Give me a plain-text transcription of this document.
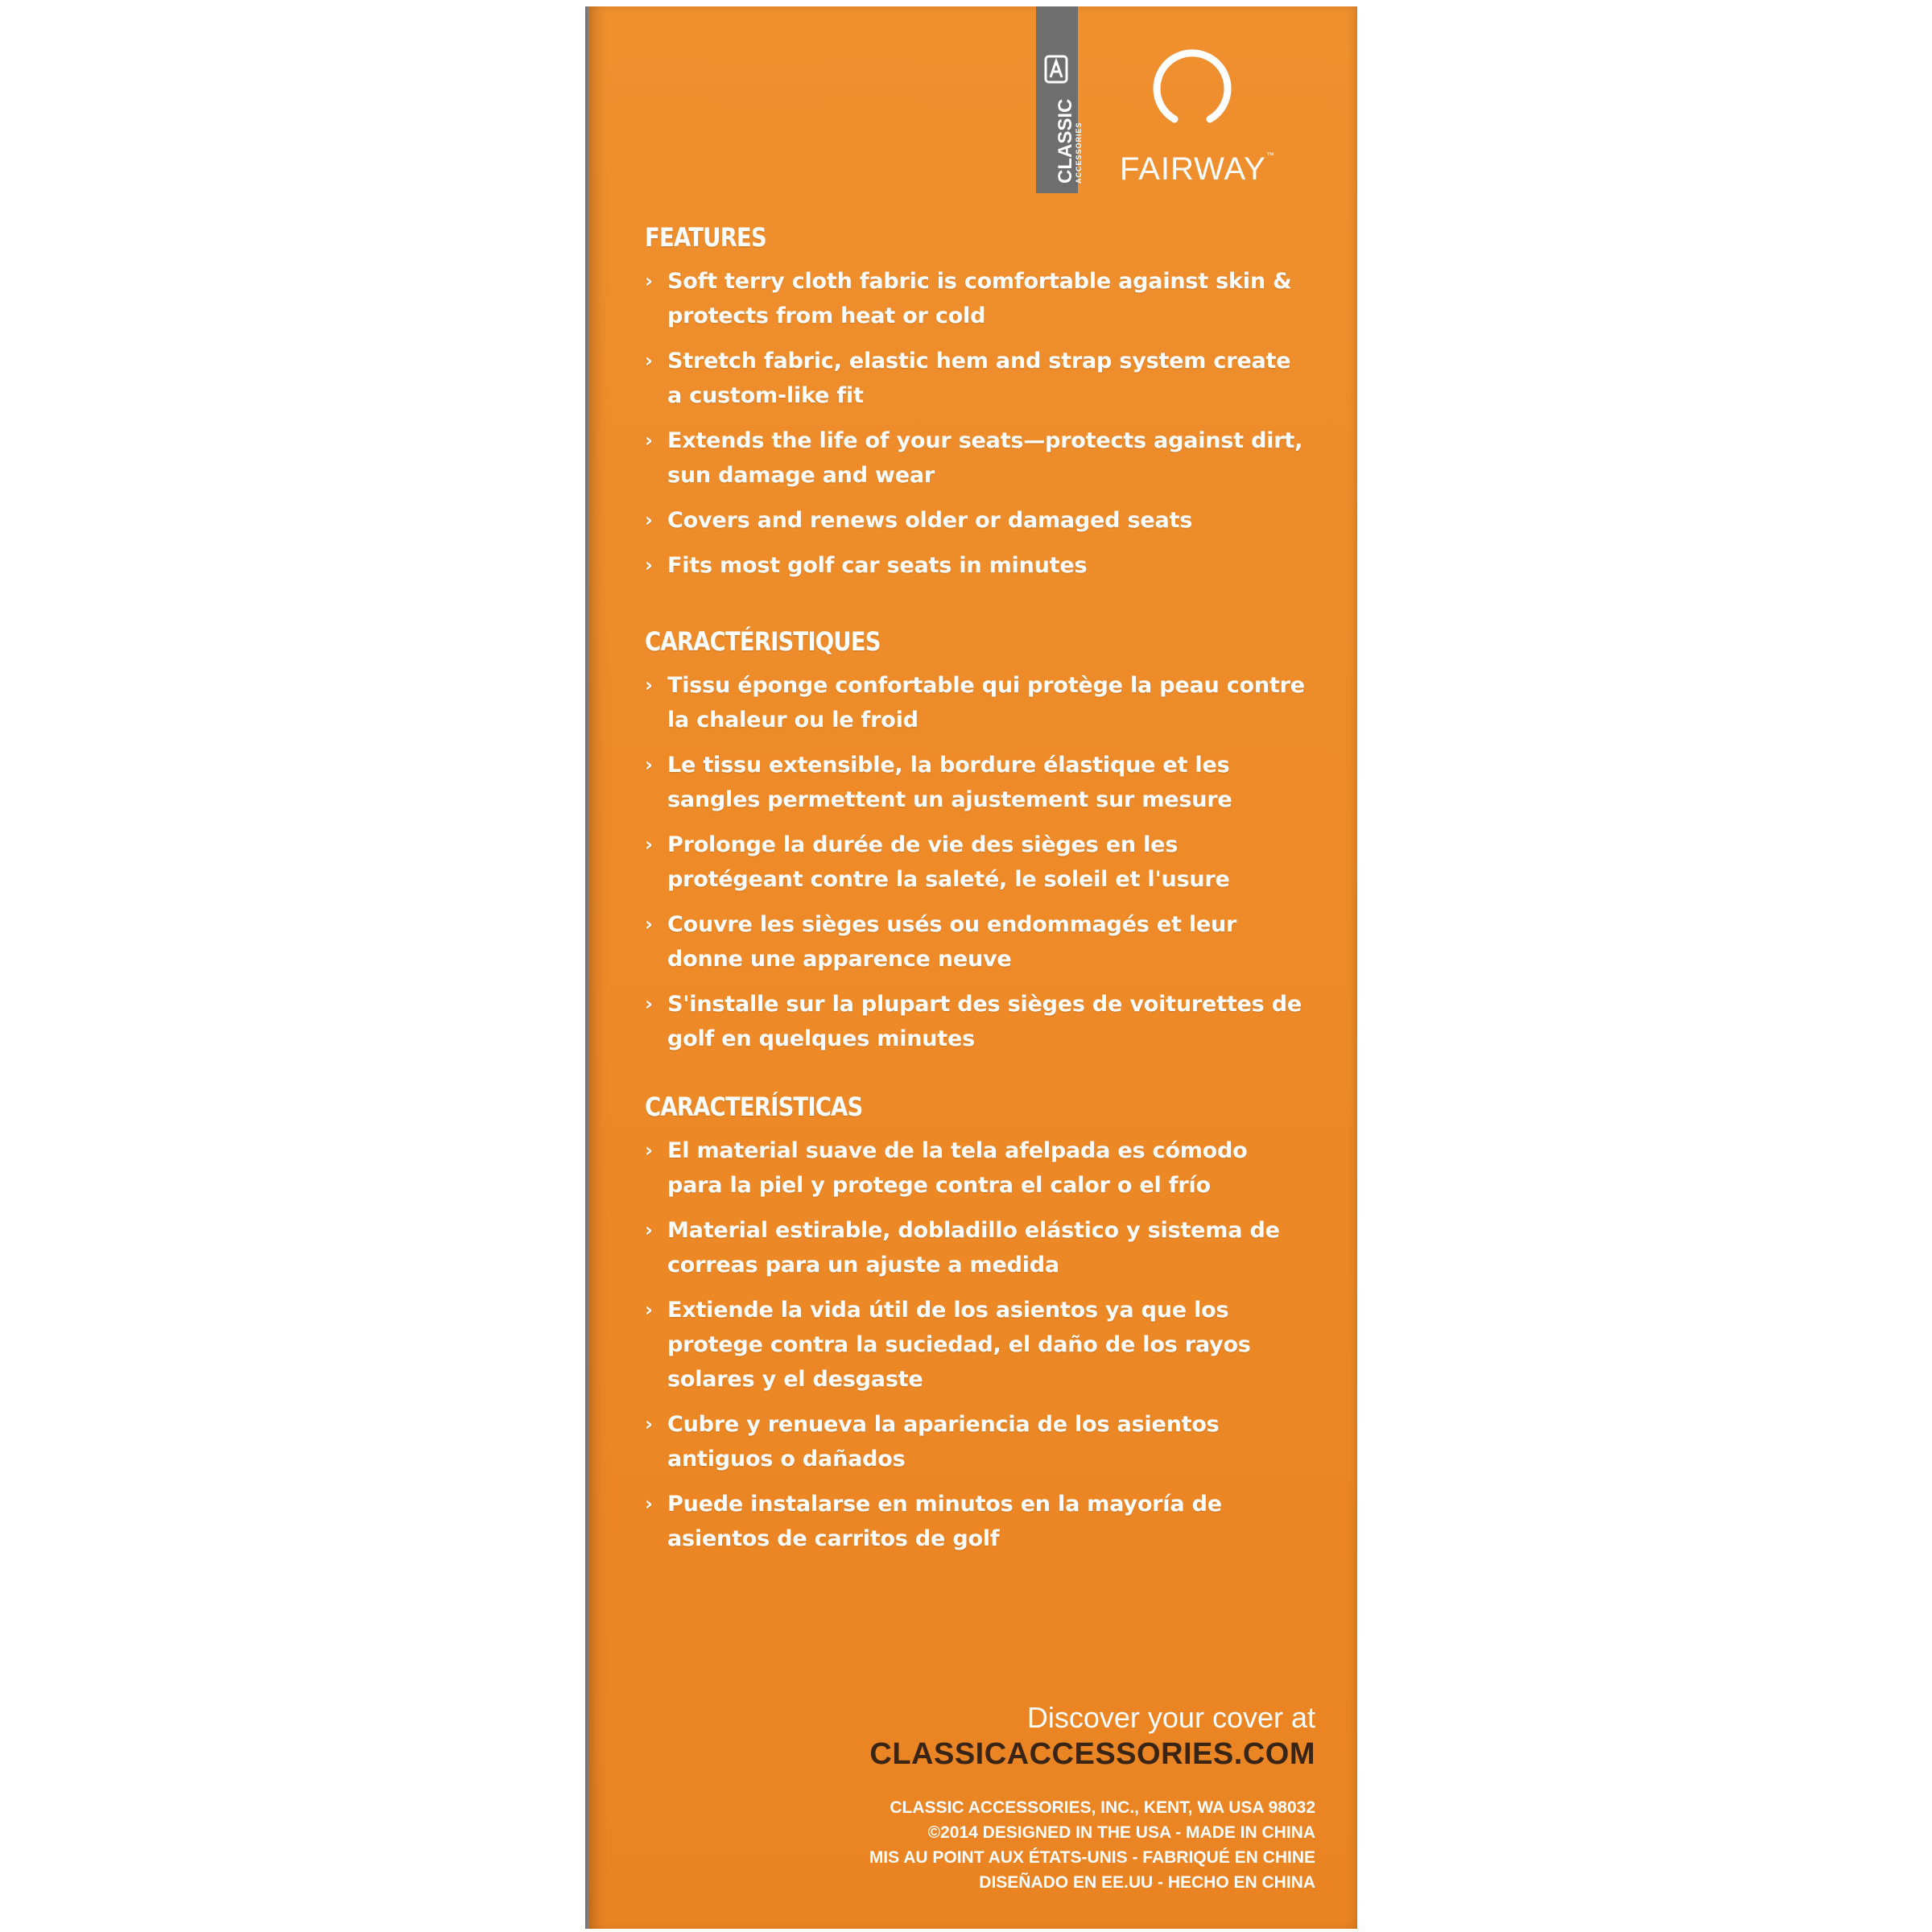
CLASSIC
ACCESSORIES FAIRWAY™
FEATURES
› Soft terry cloth fabric is comfortable against skin & protects from heat or cold
› Stretch fabric, elastic hem and strap system create a custom-like fit
› Extends the life of your seats—protects against dirt, sun damage and wear
› Covers and renews older or damaged seats
› Fits most golf car seats in minutes
CARACTÉRISTIQUES
› Tissu éponge confortable qui protège la peau contre la chaleur ou le froid
› Le tissu extensible, la bordure élastique et les sangles permettent un ajustement sur mesure
› Prolonge la durée de vie des sièges en les protégeant contre la saleté, le soleil et l'usure
› Couvre les sièges usés ou endommagés et leur donne une apparence neuve
› S'installe sur la plupart des sièges de voiturettes de golf en quelques minutes
CARACTERÍSTICAS
› El material suave de la tela afelpada es cómodo para la piel y protege contra el calor o el frío
› Material estirable, dobladillo elástico y sistema de correas para un ajuste a medida
› Extiende la vida útil de los asientos ya que los protege contra la suciedad, el daño de los rayos solares y el desgaste
› Cubre y renueva la apariencia de los asientos antiguos o dañados
› Puede instalarse en minutos en la mayoría de asientos de carritos de golf
Discover your cover at
CLASSICACCESSORIES.COM
CLASSIC ACCESSORIES, INC., KENT, WA USA 98032
©2014 DESIGNED IN THE USA - MADE IN CHINA
MIS AU POINT AUX ÉTATS-UNIS - FABRIQUÉ EN CHINE
DISEÑADO EN EE.UU - HECHO EN CHINA
